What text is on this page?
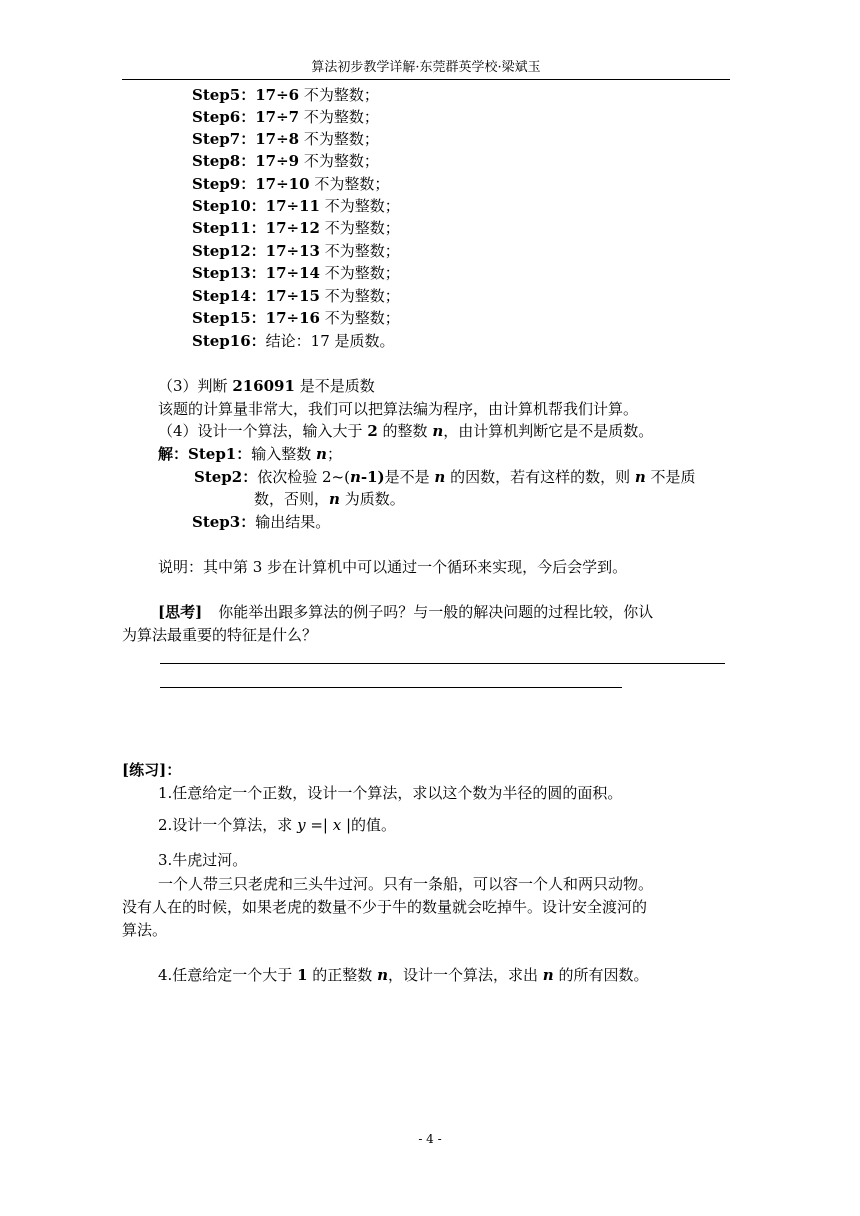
算法初步教学详解·东莞群英学校·梁斌玉
Step5：17÷6 不为整数；
Step6：17÷7 不为整数；
Step7：17÷8 不为整数；
Step8：17÷9 不为整数；
Step9：17÷10 不为整数；
Step10：17÷11 不为整数；
Step11：17÷12 不为整数；
Step12：17÷13 不为整数；
Step13：17÷14 不为整数；
Step14：17÷15 不为整数；
Step15：17÷16 不为整数；
Step16：结论：17 是质数。
（3）判断 216091 是不是质数
该题的计算量非常大，我们可以把算法编为程序，由计算机帮我们计算。
（4）设计一个算法，输入大于 2 的整数 n，由计算机判断它是不是质数。
解：Step1：输入整数 n；
Step2：依次检验 2~(n-1)是不是 n 的因数，若有这样的数，则 n 不是质
数，否则，n 为质数。
Step3：输出结果。
说明：其中第 3 步在计算机中可以通过一个循环来实现，今后会学到。
[思考] 你能举出跟多算法的例子吗？与一般的解决问题的过程比较，你认
为算法最重要的特征是什么？
[练习]：
1.任意给定一个正数，设计一个算法，求以这个数为半径的圆的面积。
2.设计一个算法，求 y =| x |的值。
3.牛虎过河。
一个人带三只老虎和三头牛过河。只有一条船，可以容一个人和两只动物。
没有人在的时候，如果老虎的数量不少于牛的数量就会吃掉牛。设计安全渡河的
算法。
4.任意给定一个大于 1 的正整数 n，设计一个算法，求出 n 的所有因数。
- 4 -
